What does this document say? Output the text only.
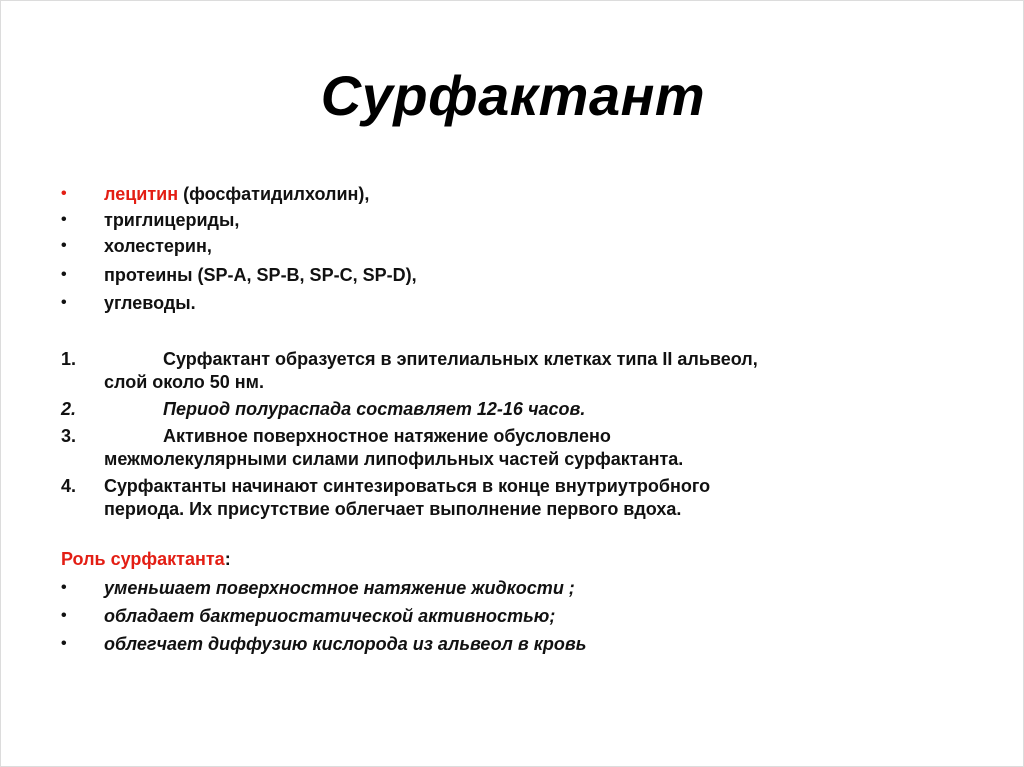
Сурфактант
• лецитин (фосфатидилхолин),
• триглицериды,
• холестерин,
• протеины (SP-A, SP-B, SP-C, SP-D),
• углеводы.
1.	Сурфактант образуется в эпителиальных клетках типа II альвеол,
слой около 50 нм.
2.	Период полураспада составляет 12-16 часов.
3.	Активное поверхностное натяжение обусловлено
межмолекулярными силами липофильных частей сурфактанта.
4. Сурфактанты начинают синтезироваться в конце внутриутробного
периода. Их присутствие облегчает выполнение первого вдоха.
Роль сурфактанта:
• уменьшает поверхностное натяжение жидкости ;
• обладает бактериостатической активностью;
• облегчает диффузию кислорода из альвеол в кровь
